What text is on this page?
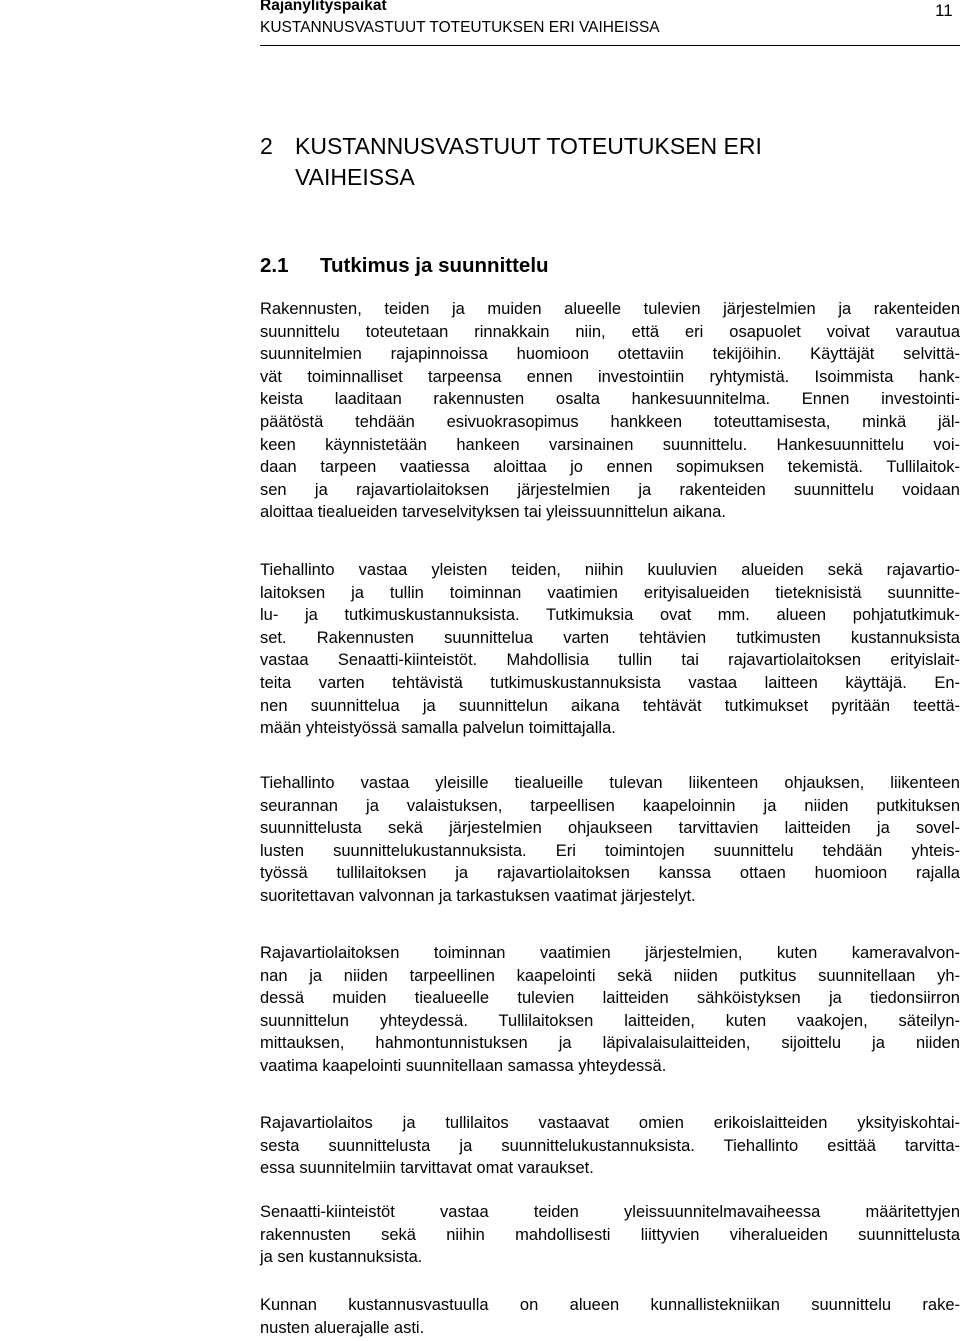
Rajanylityspaikat
KUSTANNUSVASTUUT TOTEUTUKSEN ERI VAIHEISSA
11
2 KUSTANNUSVASTUUT TOTEUTUKSEN ERI
VAIHEISSA
2.1 Tutkimus ja suunnittelu

Rakennusten, teiden ja muiden alueelle tulevien järjestelmien ja rakenteiden
suunnittelu toteutetaan rinnakkain niin, että eri osapuolet voivat varautua
suunnitelmien rajapinnoissa huomioon otettaviin tekijöihin. Käyttäjät selvittä-
vät toiminnalliset tarpeensa ennen investointiin ryhtymistä. Isoimmista hank-
keista laaditaan rakennusten osalta hankesuunnitelma. Ennen investointi-
päätöstä tehdään esivuokrasopimus hankkeen toteuttamisesta, minkä jäl-
keen käynnistetään hankeen varsinainen suunnittelu. Hankesuunnittelu voi-
daan tarpeen vaatiessa aloittaa jo ennen sopimuksen tekemistä. Tullilaitok-
sen ja rajavartiolaitoksen järjestelmien ja rakenteiden suunnittelu voidaan
aloittaa tiealueiden tarveselvityksen tai yleissuunnittelun aikana.

Tiehallinto vastaa yleisten teiden, niihin kuuluvien alueiden sekä rajavartio-
laitoksen ja tullin toiminnan vaatimien erityisalueiden tieteknisistä suunnitte-
lu- ja tutkimuskustannuksista. Tutkimuksia ovat mm. alueen pohjatutkimuk-
set. Rakennusten suunnittelua varten tehtävien tutkimusten kustannuksista
vastaa Senaatti-kiinteistöt. Mahdollisia tullin tai rajavartiolaitoksen erityislait-
teita varten tehtävistä tutkimuskustannuksista vastaa laitteen käyttäjä. En-
nen suunnittelua ja suunnittelun aikana tehtävät tutkimukset pyritään teettä-
mään yhteistyössä samalla palvelun toimittajalla.

Tiehallinto vastaa yleisille tiealueille tulevan liikenteen ohjauksen, liikenteen
seurannan ja valaistuksen, tarpeellisen kaapeloinnin ja niiden putkituksen
suunnittelusta sekä järjestelmien ohjaukseen tarvittavien laitteiden ja sovel-
lusten suunnittelukustannuksista. Eri toimintojen suunnittelu tehdään yhteis-
työssä tullilaitoksen ja rajavartiolaitoksen kanssa ottaen huomioon rajalla
suoritettavan valvonnan ja tarkastuksen vaatimat järjestelyt.

Rajavartiolaitoksen toiminnan vaatimien järjestelmien, kuten kameravalvon-
nan ja niiden tarpeellinen kaapelointi sekä niiden putkitus suunnitellaan yh-
dessä muiden tiealueelle tulevien laitteiden sähköistyksen ja tiedonsiirron
suunnittelun yhteydessä. Tullilaitoksen laitteiden, kuten vaakojen, säteilyn-
mittauksen, hahmontunnistuksen ja läpivalaisulaitteiden, sijoittelu ja niiden
vaatima kaapelointi suunnitellaan samassa yhteydessä.

Rajavartiolaitos ja tullilaitos vastaavat omien erikoislaitteiden yksityiskohtai-
sesta suunnittelusta ja suunnittelukustannuksista. Tiehallinto esittää tarvitta-
essa suunnitelmiin tarvittavat omat varaukset.

Senaatti-kiinteistöt vastaa teiden yleissuunnitelmavaiheessa määritettyjen
rakennusten sekä niihin mahdollisesti liittyvien viheralueiden suunnittelusta
ja sen kustannuksista.

Kunnan kustannusvastuulla on alueen kunnallistekniikan suunnittelu rake-
nusten aluerajalle asti.
